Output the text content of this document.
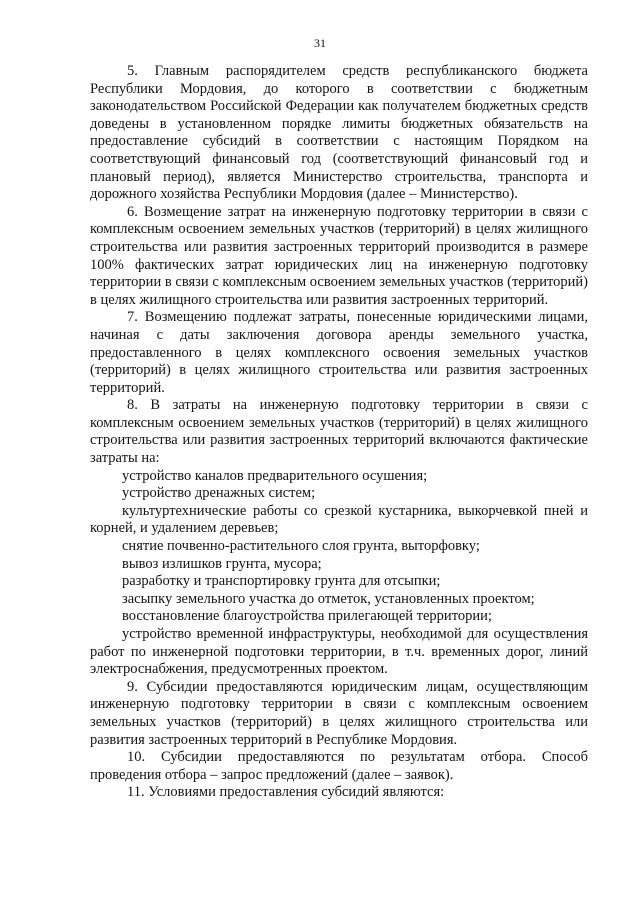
31

5. Главным распорядителем средств республиканского бюджета Республики Мордовия, до которого в соответствии с бюджетным законодательством Российской Федерации как получателем бюджетных средств доведены в установленном порядке лимиты бюджетных обязательств на предоставление субсидий в соответствии с настоящим Порядком на соответствующий финансовый год (соответствующий финансовый год и плановый период), является Министерство строительства, транспорта и дорожного хозяйства Республики Мордовия (далее – Министерство).

6. Возмещение затрат на инженерную подготовку территории в связи с комплексным освоением земельных участков (территорий) в целях жилищного строительства или развития застроенных территорий производится в размере 100% фактических затрат юридических лиц на инженерную подготовку территории в связи с комплексным освоением земельных участков (территорий) в целях жилищного строительства или развития застроенных территорий.

7. Возмещению подлежат затраты, понесенные юридическими лицами, начиная с даты заключения договора аренды земельного участка, предоставленного в целях комплексного освоения земельных участков (территорий) в целях жилищного строительства или развития застроенных территорий.

8. В затраты на инженерную подготовку территории в связи с комплексным освоением земельных участков (территорий) в целях жилищного строительства или развития застроенных территорий включаются фактические затраты на:

устройство каналов предварительного осушения;

устройство дренажных систем;

культуртехнические работы со срезкой кустарника, выкорчевкой пней и корней, и удалением деревьев;

снятие почвенно-растительного слоя грунта, выторфовку;

вывоз излишков грунта, мусора;

разработку и транспортировку грунта для отсыпки;

засыпку земельного участка до отметок, установленных проектом;

восстановление благоустройства прилегающей территории;

устройство временной инфраструктуры, необходимой для осуществления работ по инженерной подготовки территории, в т.ч. временных дорог, линий электроснабжения, предусмотренных проектом.

9. Субсидии предоставляются юридическим лицам, осуществляющим инженерную подготовку территории в связи с комплексным освоением земельных участков (территорий) в целях жилищного строительства или развития застроенных территорий в Республике Мордовия.

10. Субсидии предоставляются по результатам отбора. Способ проведения отбора – запрос предложений (далее – заявок).

11. Условиями предоставления субсидий являются:
